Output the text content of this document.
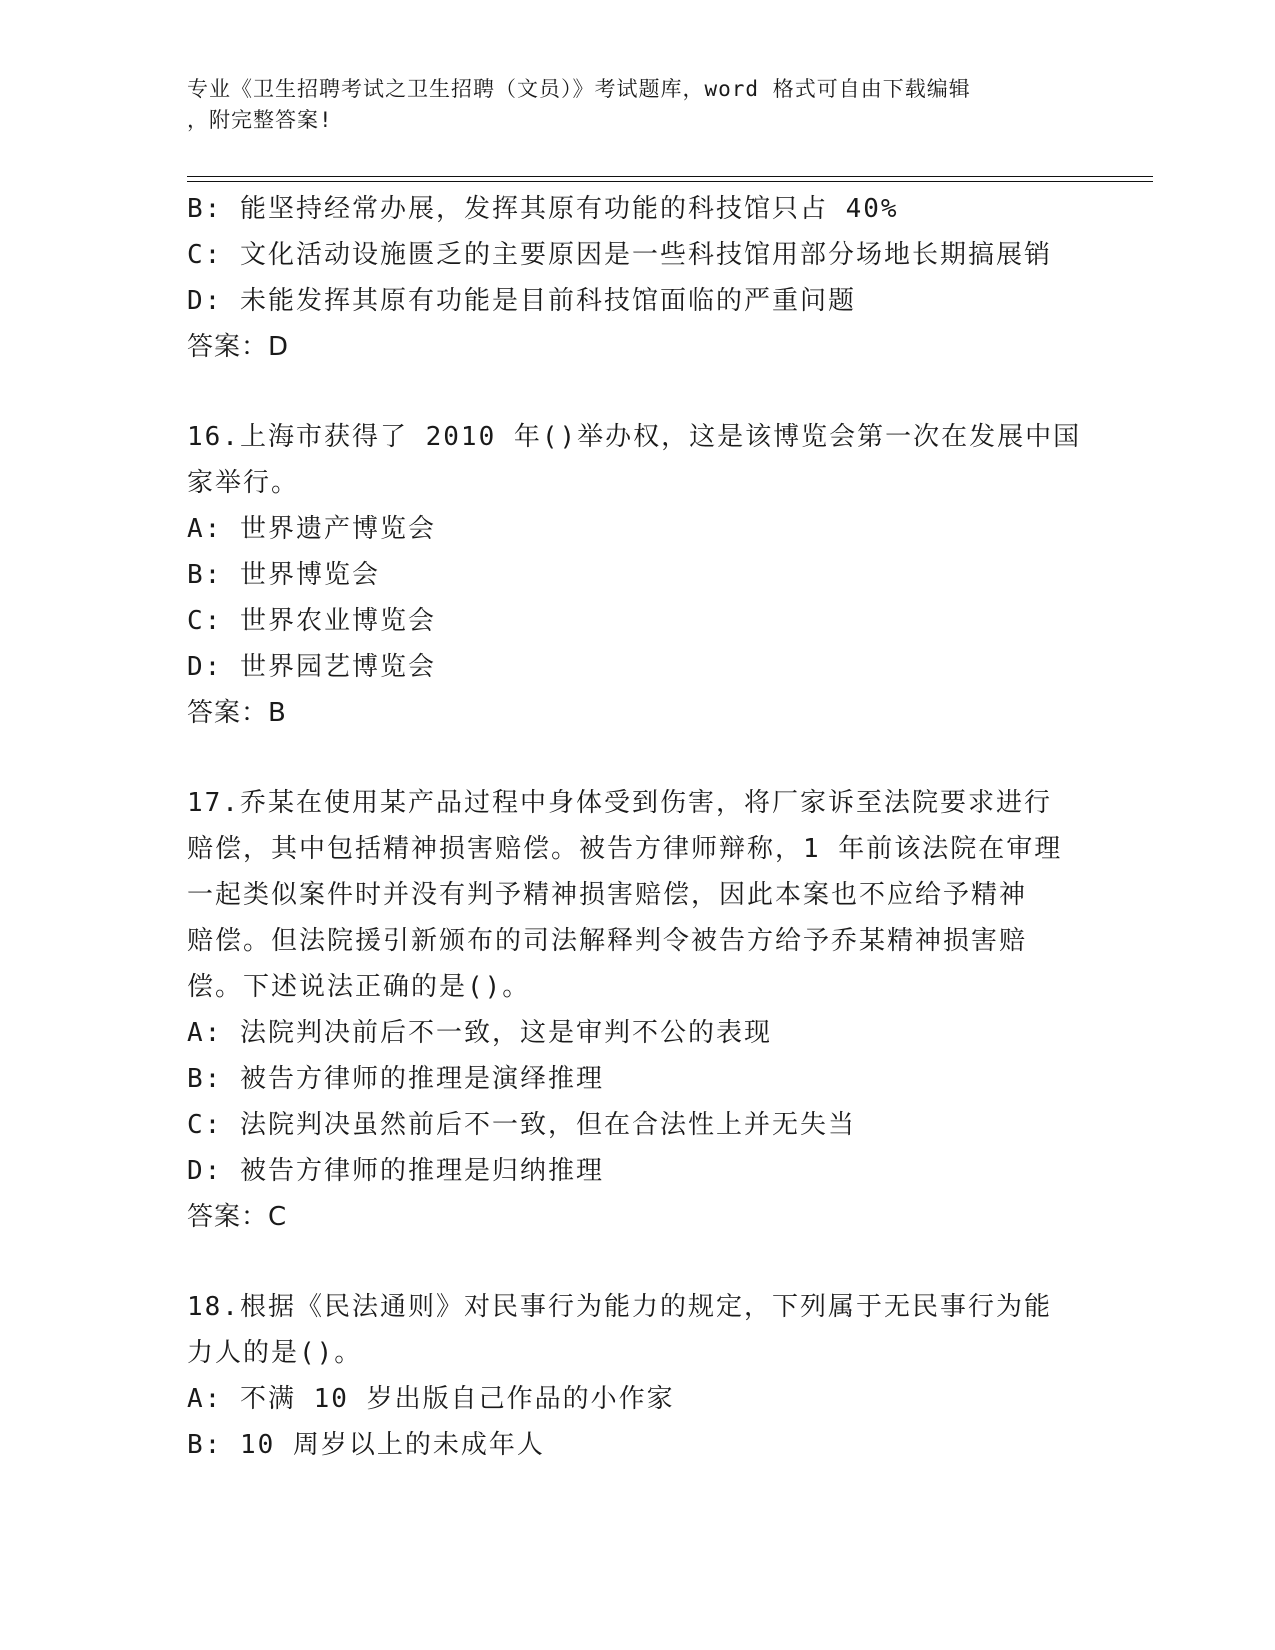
专业《卫生招聘考试之卫生招聘（文员）》考试题库，word 格式可自由下载编辑
，附完整答案!
B: 能坚持经常办展，发挥其原有功能的科技馆只占 40%
C: 文化活动设施匮乏的主要原因是一些科技馆用部分场地长期搞展销
D: 未能发挥其原有功能是目前科技馆面临的严重问题
答案：D
16.上海市获得了 2010 年()举办权，这是该博览会第一次在发展中国
家举行。
A: 世界遗产博览会
B: 世界博览会
C: 世界农业博览会
D: 世界园艺博览会
答案：B
17.乔某在使用某产品过程中身体受到伤害，将厂家诉至法院要求进行
赔偿，其中包括精神损害赔偿。被告方律师辩称，1 年前该法院在审理
一起类似案件时并没有判予精神损害赔偿，因此本案也不应给予精神
赔偿。但法院援引新颁布的司法解释判令被告方给予乔某精神损害赔
偿。下述说法正确的是()。
A: 法院判决前后不一致，这是审判不公的表现
B: 被告方律师的推理是演绎推理
C: 法院判决虽然前后不一致，但在合法性上并无失当
D: 被告方律师的推理是归纳推理
答案：C
18.根据《民法通则》对民事行为能力的规定，下列属于无民事行为能
力人的是()。
A: 不满 10 岁出版自己作品的小作家
B: 10 周岁以上的未成年人
